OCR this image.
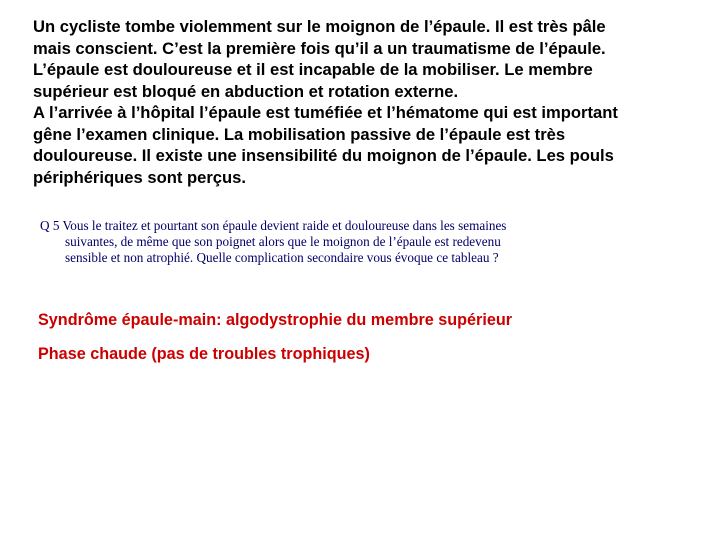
Un cycliste tombe violemment sur le moignon de l’épaule. Il est très pâle
mais conscient. C’est la première fois qu’il a un traumatisme de l’épaule.
L’épaule est douloureuse et il est incapable de la mobiliser. Le membre
supérieur est bloqué en abduction et rotation externe.
A l’arrivée à l’hôpital l’épaule est tuméfiée et l’hématome qui est important
gêne l’examen clinique. La mobilisation passive de l’épaule est très
douloureuse. Il existe une insensibilité du moignon de l’épaule. Les pouls
périphériques sont perçus.
Q 5 Vous le traitez et pourtant son épaule devient raide et douloureuse dans les semaines
suivantes, de même que son poignet alors que le moignon de l’épaule est redevenu
sensible et non atrophié. Quelle complication secondaire vous évoque ce tableau ?

Syndrôme épaule-main: algodystrophie du membre supérieur

Phase chaude (pas de troubles trophiques)
